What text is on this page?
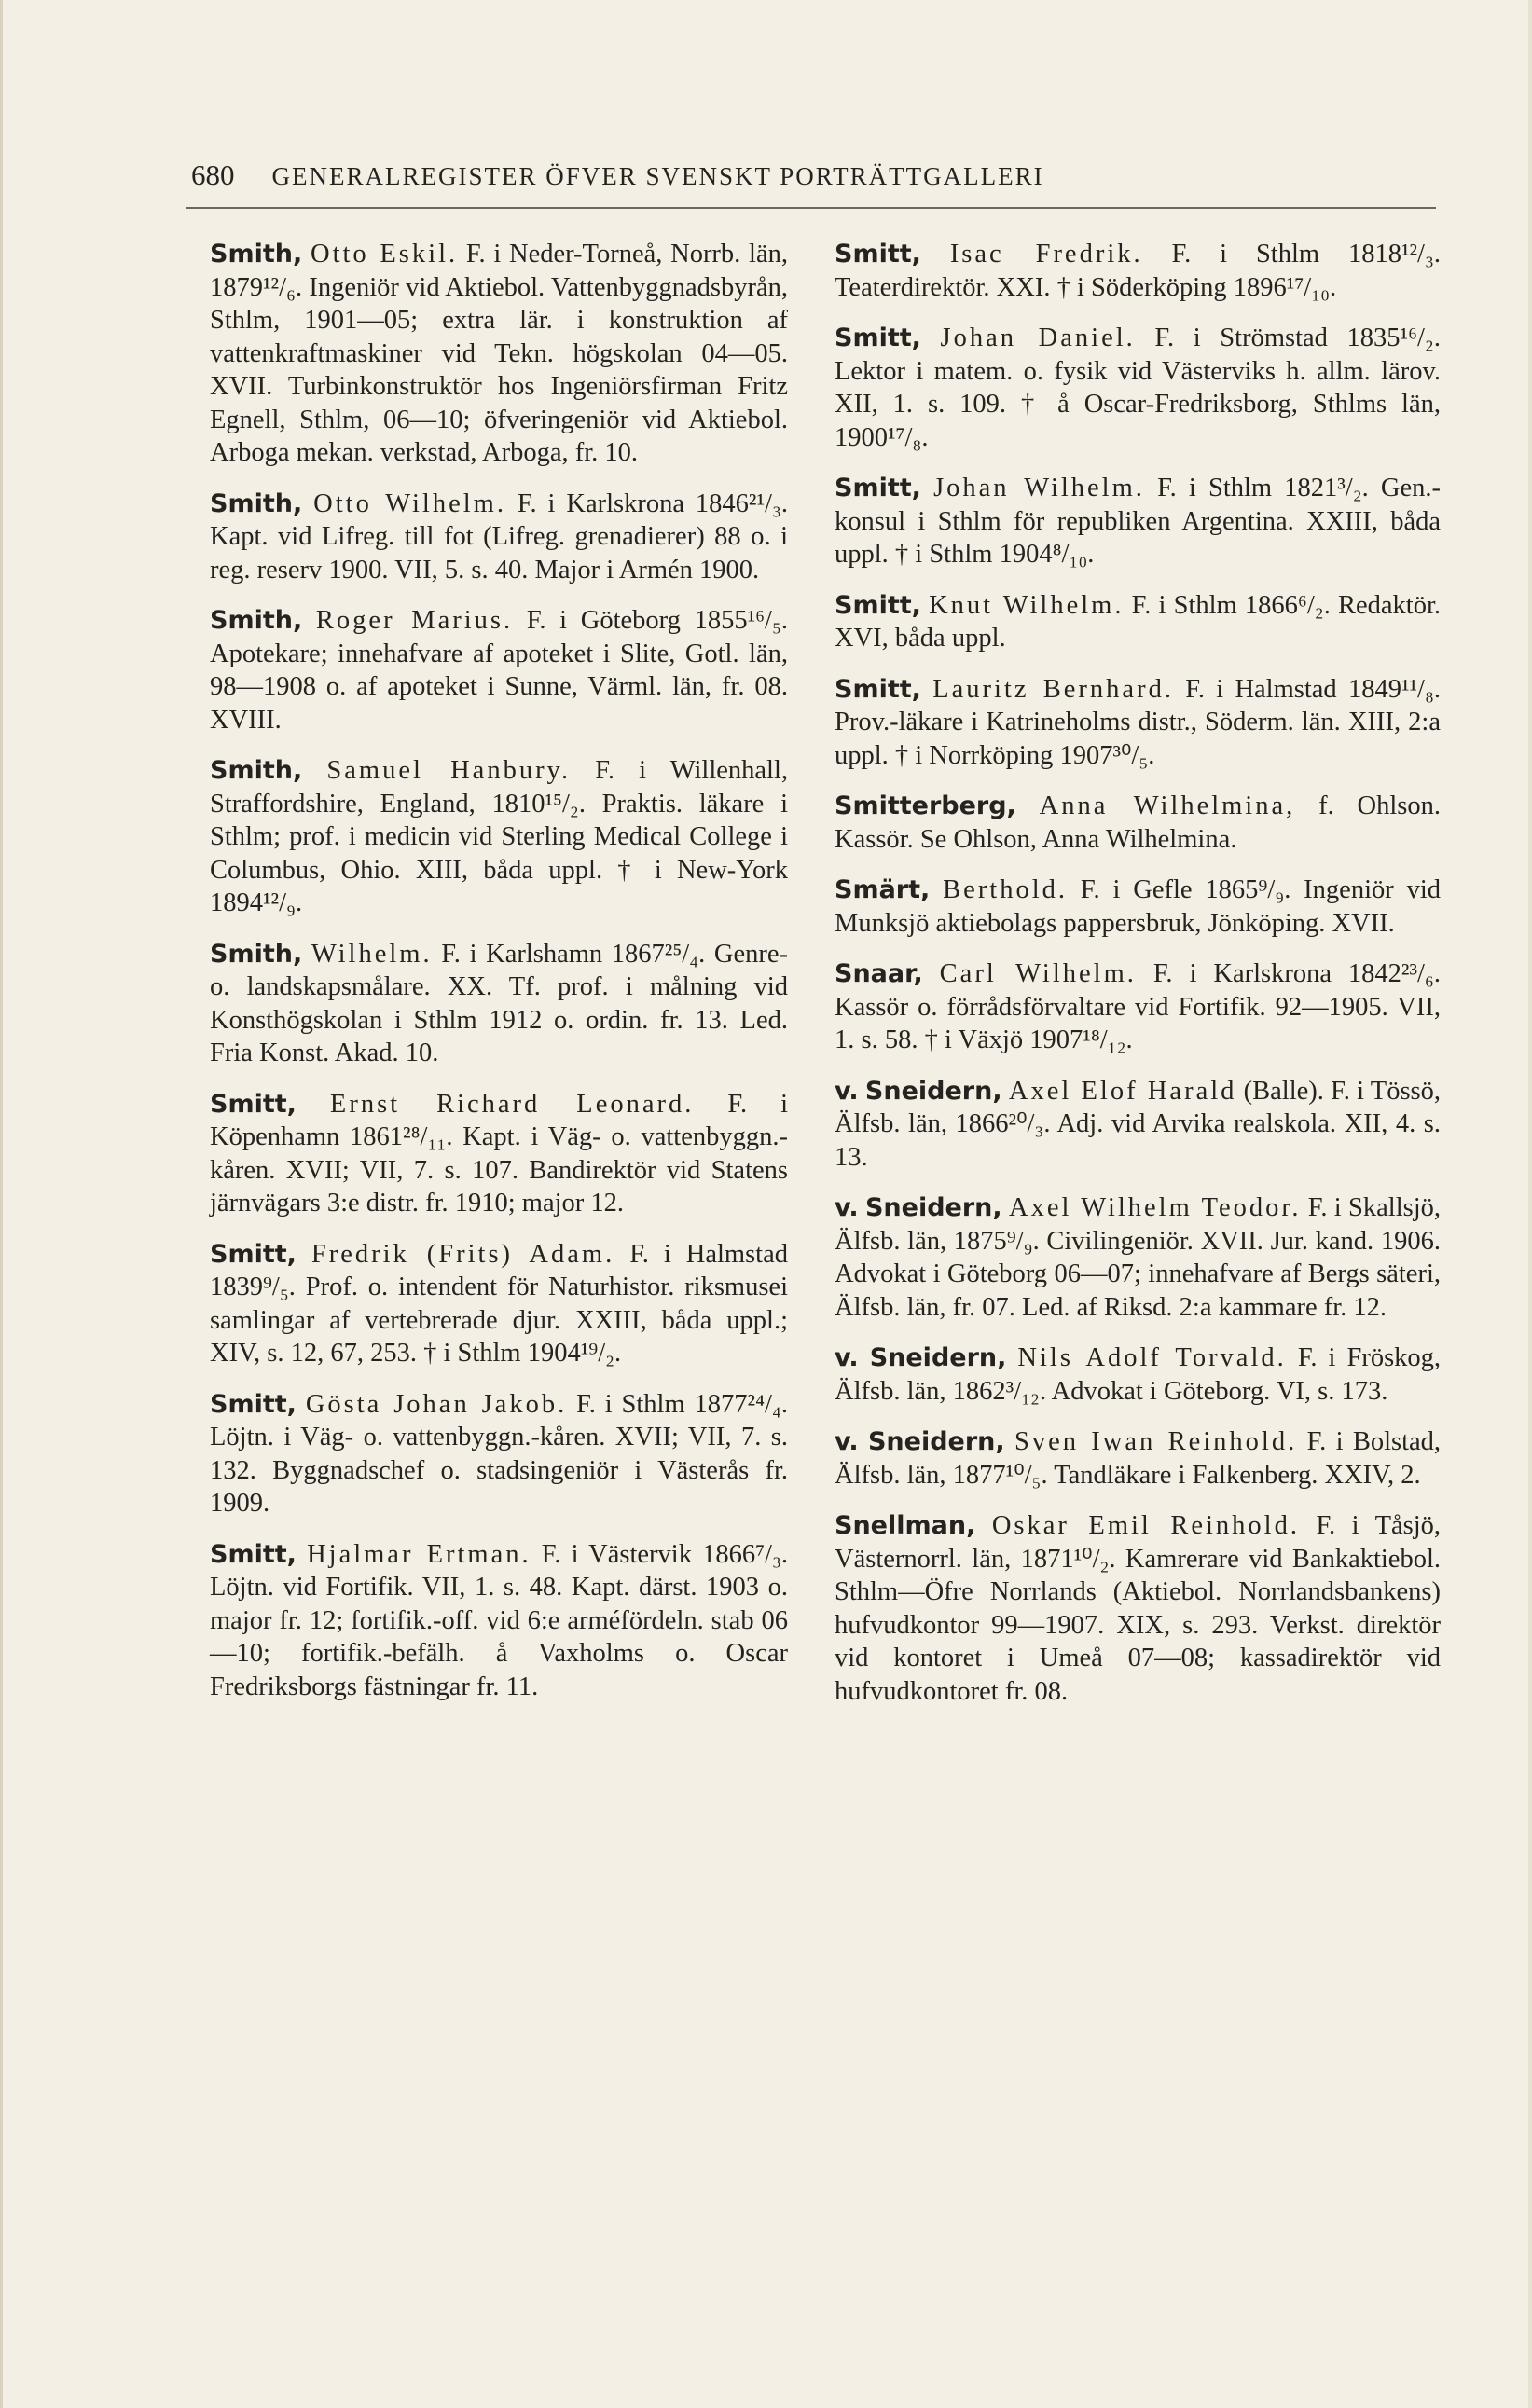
680 GENERALREGISTER ÖFVER SVENSKT PORTRÄTTGALLERI

Smith, Otto Eskil. F. i Neder-Torneå, Norrb. län, 1879¹²/₆. Ingeniör vid Aktiebol. Vattenbyggnadsbyrån, Sthlm, 1901—05; extra lär. i konstruktion af vattenkraftmaskiner vid Tekn. högskolan 04—05. XVII. Turbinkonstruktör hos Ingeniörsfirman Fritz Egnell, Sthlm, 06—10; öfveringeniör vid Aktiebol. Arboga mekan. verkstad, Arboga, fr. 10.

Smith, Otto Wilhelm. F. i Karlskrona 1846²¹/₃. Kapt. vid Lifreg. till fot (Lifreg. grenadierer) 88 o. i reg. reserv 1900. VII, 5. s. 40. Major i Armén 1900.

Smith, Roger Marius. F. i Göteborg 1855¹⁶/₅. Apotekare; innehafvare af apoteket i Slite, Gotl. län, 98—1908 o. af apoteket i Sunne, Värml. län, fr. 08. XVIII.

Smith, Samuel Hanbury. F. i Willenhall, Straffordshire, England, 1810¹⁵/₂. Praktis. läkare i Sthlm; prof. i medicin vid Sterling Medical College i Columbus, Ohio. XIII, båda uppl. † i New-York 1894¹²/₉.

Smith, Wilhelm. F. i Karlshamn 1867²⁵/₄. Genre- o. landskapsmålare. XX. Tf. prof. i målning vid Konsthögskolan i Sthlm 1912 o. ordin. fr. 13. Led. Fria Konst. Akad. 10.

Smitt, Ernst Richard Leonard. F. i Köpenhamn 1861²⁸/₁₁. Kapt. i Väg- o. vattenbyggn.-kåren. XVII; VII, 7. s. 107. Bandirektör vid Statens järnvägars 3:e distr. fr. 1910; major 12.

Smitt, Fredrik (Frits) Adam. F. i Halmstad 1839⁹/₅. Prof. o. intendent för Naturhistor. riksmusei samlingar af vertebrerade djur. XXIII, båda uppl.; XIV, s. 12, 67, 253. † i Sthlm 1904¹⁹/₂.

Smitt, Gösta Johan Jakob. F. i Sthlm 1877²⁴/₄. Löjtn. i Väg- o. vattenbyggn.-kåren. XVII; VII, 7. s. 132. Byggnadschef o. stadsingeniör i Västerås fr. 1909.

Smitt, Hjalmar Ertman. F. i Västervik 1866⁷/₃. Löjtn. vid Fortifik. VII, 1. s. 48. Kapt. därst. 1903 o. major fr. 12; fortifik.-off. vid 6:e arméfördeln. stab 06—10; fortifik.-befälh. å Vaxholms o. Oscar Fredriksborgs fästningar fr. 11.

Smitt, Isac Fredrik. F. i Sthlm 1818¹²/₃. Teaterdirektör. XXI. † i Söderköping 1896¹⁷/₁₀.

Smitt, Johan Daniel. F. i Strömstad 1835¹⁶/₂. Lektor i matem. o. fysik vid Västerviks h. allm. lärov. XII, 1. s. 109. † å Oscar-Fredriksborg, Sthlms län, 1900¹⁷/₈.

Smitt, Johan Wilhelm. F. i Sthlm 1821³/₂. Gen.-konsul i Sthlm för republiken Argentina. XXIII, båda uppl. † i Sthlm 1904⁸/₁₀.

Smitt, Knut Wilhelm. F. i Sthlm 1866⁶/₂. Redaktör. XVI, båda uppl.

Smitt, Lauritz Bernhard. F. i Halmstad 1849¹¹/₈. Prov.-läkare i Katrineholms distr., Söderm. län. XIII, 2:a uppl. † i Norrköping 1907³⁰/₅.

Smitterberg, Anna Wilhelmina, f. Ohlson. Kassör. Se Ohlson, Anna Wilhelmina.

Smärt, Berthold. F. i Gefle 1865⁹/₉. Ingeniör vid Munksjö aktiebolags pappersbruk, Jönköping. XVII.

Snaar, Carl Wilhelm. F. i Karlskrona 1842²³/₆. Kassör o. förrådsförvaltare vid Fortifik. 92—1905. VII, 1. s. 58. † i Växjö 1907¹⁸/₁₂.

v. Sneidern, Axel Elof Harald (Balle). F. i Tössö, Älfsb. län, 1866²⁰/₃. Adj. vid Arvika realskola. XII, 4. s. 13.

v. Sneidern, Axel Wilhelm Teodor. F. i Skallsjö, Älfsb. län, 1875⁹/₉. Civilingeniör. XVII. Jur. kand. 1906. Advokat i Göteborg 06—07; innehafvare af Bergs säteri, Älfsb. län, fr. 07. Led. af Riksd. 2:a kammare fr. 12.

v. Sneidern, Nils Adolf Torvald. F. i Fröskog, Älfsb. län, 1862³/₁₂. Advokat i Göteborg. VI, s. 173.

v. Sneidern, Sven Iwan Reinhold. F. i Bolstad, Älfsb. län, 1877¹⁰/₅. Tandläkare i Falkenberg. XXIV, 2.

Snellman, Oskar Emil Reinhold. F. i Tåsjö, Västernorrl. län, 1871¹⁰/₂. Kamrerare vid Bankaktiebol. Sthlm—Öfre Norrlands (Aktiebol. Norrlandsbankens) hufvudkontor 99—1907. XIX, s. 293. Verkst. direktör vid kontoret i Umeå 07—08; kassadirektör vid hufvudkontoret fr. 08.
